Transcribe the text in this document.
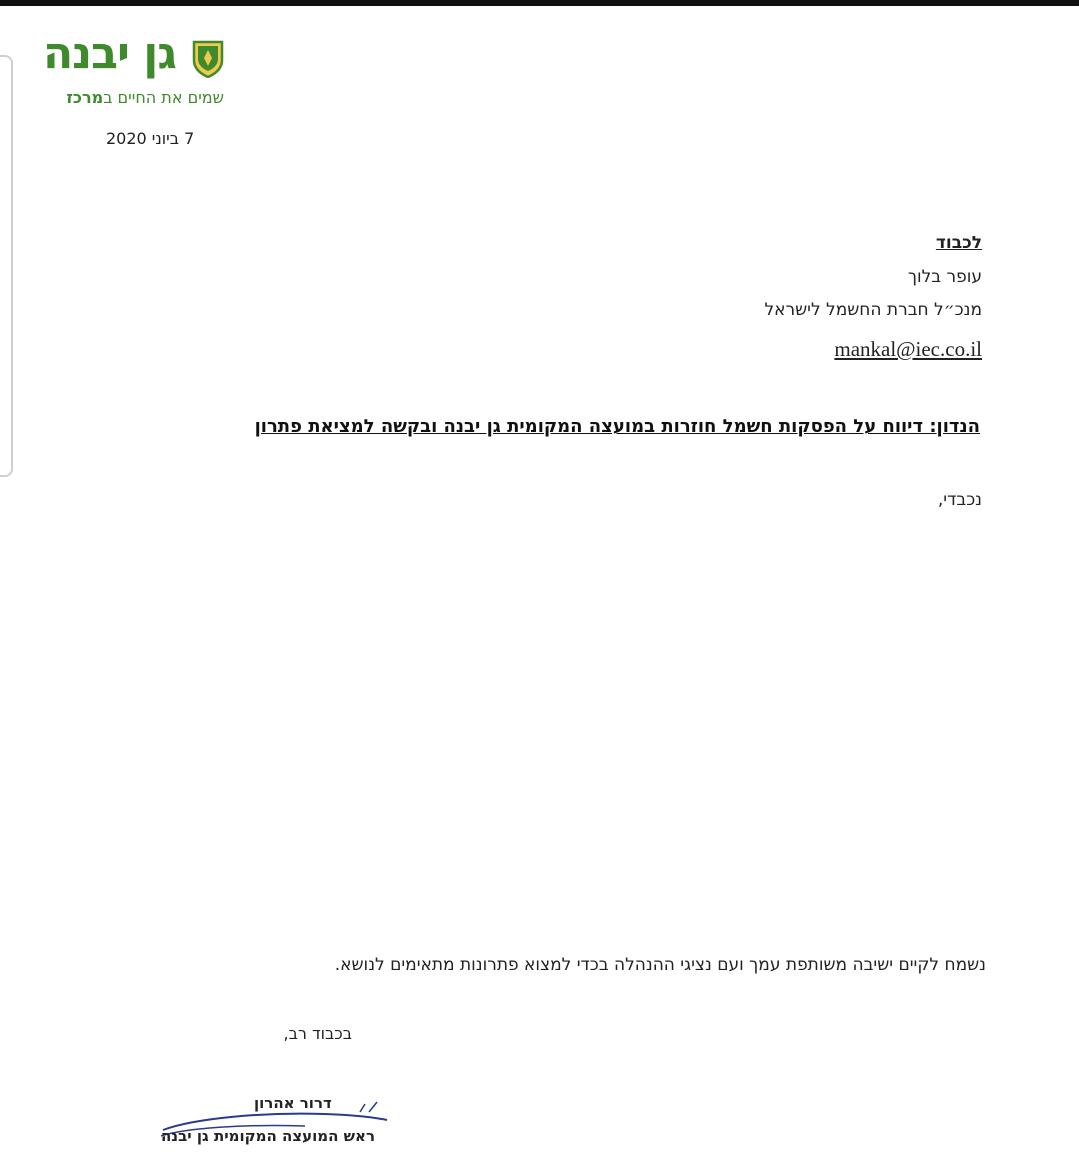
גן יבנה
שמים את החיים במרכז
7 ביוני 2020
לכבוד
עופר בלוך
מנכ״ל חברת החשמל לישראל
mankal@iec.co.il
הנדון: דיווח על הפסקות חשמל חוזרות במועצה המקומית גן יבנה ובקשה למציאת פתרון
נכבדי,
נשמח לקיים ישיבה משותפת עמך ועם נציגי ההנהלה בכדי למצוא פתרונות מתאימים לנושא.
בכבוד רב,
דרור אהרון
ראש המועצה המקומית גן יבנה
